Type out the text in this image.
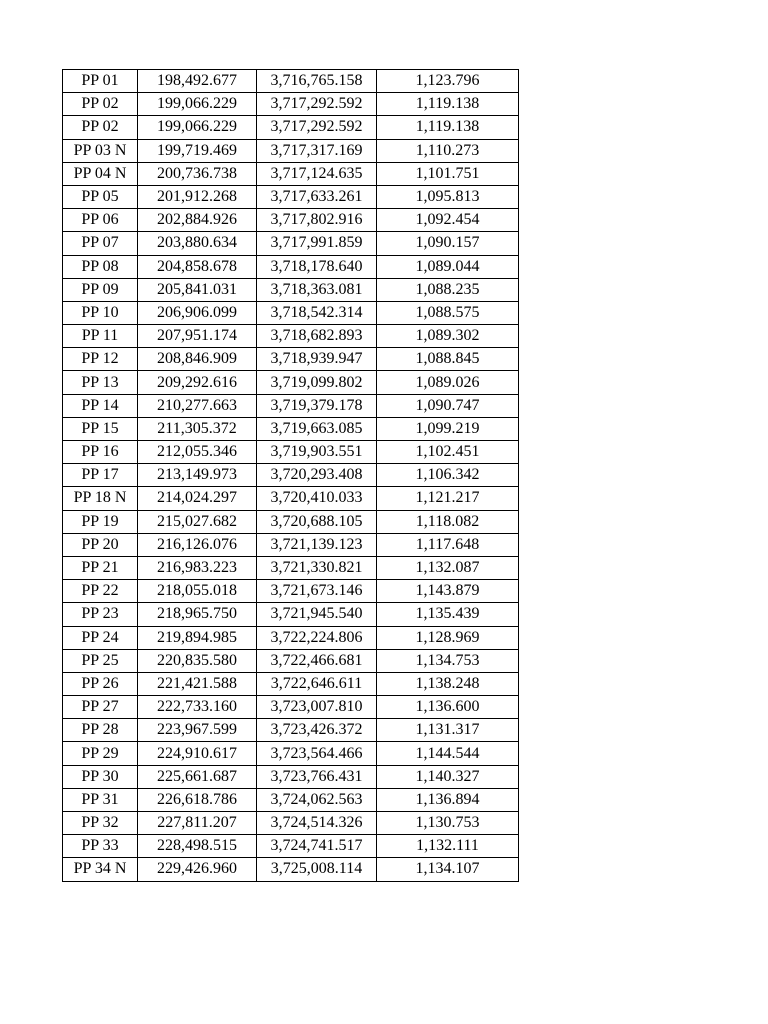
PP 01	198,492.677	3,716,765.158	1,123.796
PP 02	199,066.229	3,717,292.592	1,119.138
PP 02	199,066.229	3,717,292.592	1,119.138
PP 03 N	199,719.469	3,717,317.169	1,110.273
PP 04 N	200,736.738	3,717,124.635	1,101.751
PP 05	201,912.268	3,717,633.261	1,095.813
PP 06	202,884.926	3,717,802.916	1,092.454
PP 07	203,880.634	3,717,991.859	1,090.157
PP 08	204,858.678	3,718,178.640	1,089.044
PP 09	205,841.031	3,718,363.081	1,088.235
PP 10	206,906.099	3,718,542.314	1,088.575
PP 11	207,951.174	3,718,682.893	1,089.302
PP 12	208,846.909	3,718,939.947	1,088.845
PP 13	209,292.616	3,719,099.802	1,089.026
PP 14	210,277.663	3,719,379.178	1,090.747
PP 15	211,305.372	3,719,663.085	1,099.219
PP 16	212,055.346	3,719,903.551	1,102.451
PP 17	213,149.973	3,720,293.408	1,106.342
PP 18 N	214,024.297	3,720,410.033	1,121.217
PP 19	215,027.682	3,720,688.105	1,118.082
PP 20	216,126.076	3,721,139.123	1,117.648
PP 21	216,983.223	3,721,330.821	1,132.087
PP 22	218,055.018	3,721,673.146	1,143.879
PP 23	218,965.750	3,721,945.540	1,135.439
PP 24	219,894.985	3,722,224.806	1,128.969
PP 25	220,835.580	3,722,466.681	1,134.753
PP 26	221,421.588	3,722,646.611	1,138.248
PP 27	222,733.160	3,723,007.810	1,136.600
PP 28	223,967.599	3,723,426.372	1,131.317
PP 29	224,910.617	3,723,564.466	1,144.544
PP 30	225,661.687	3,723,766.431	1,140.327
PP 31	226,618.786	3,724,062.563	1,136.894
PP 32	227,811.207	3,724,514.326	1,130.753
PP 33	228,498.515	3,724,741.517	1,132.111
PP 34 N	229,426.960	3,725,008.114	1,134.107
